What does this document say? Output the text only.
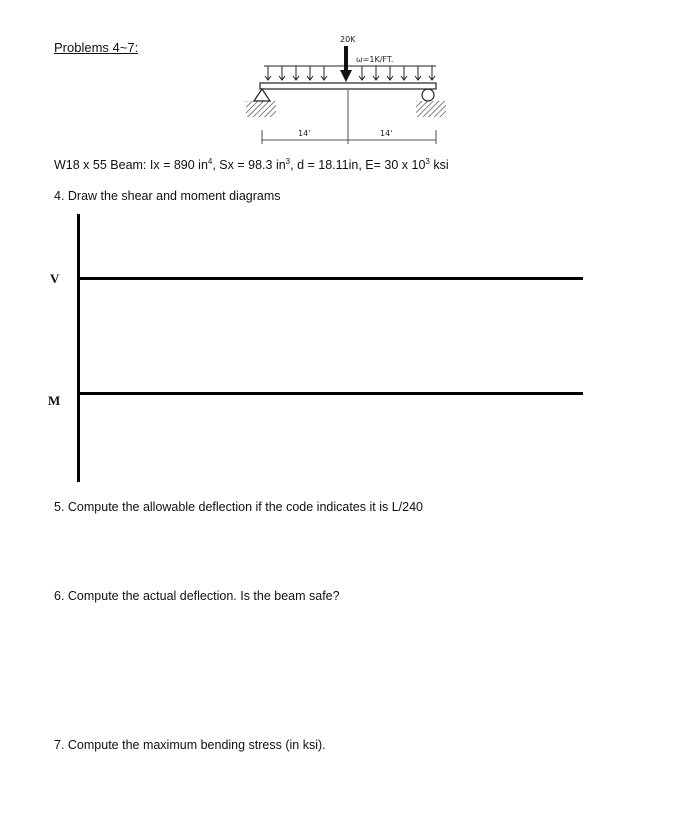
Problems 4~7:
20K
ω=1K/FT.
14'	14'
W18 x 55 Beam: Ix = 890 $in^4$, Sx = 98.3 $in^3$, d = 18.11in, E= 30 x $10^3$ ksi
4. Draw the shear and moment diagrams
V
M
5. Compute the allowable deflection if the code indicates it is L/240
6. Compute the actual deflection. Is the beam safe?
7. Compute the maximum bending stress (in ksi).
